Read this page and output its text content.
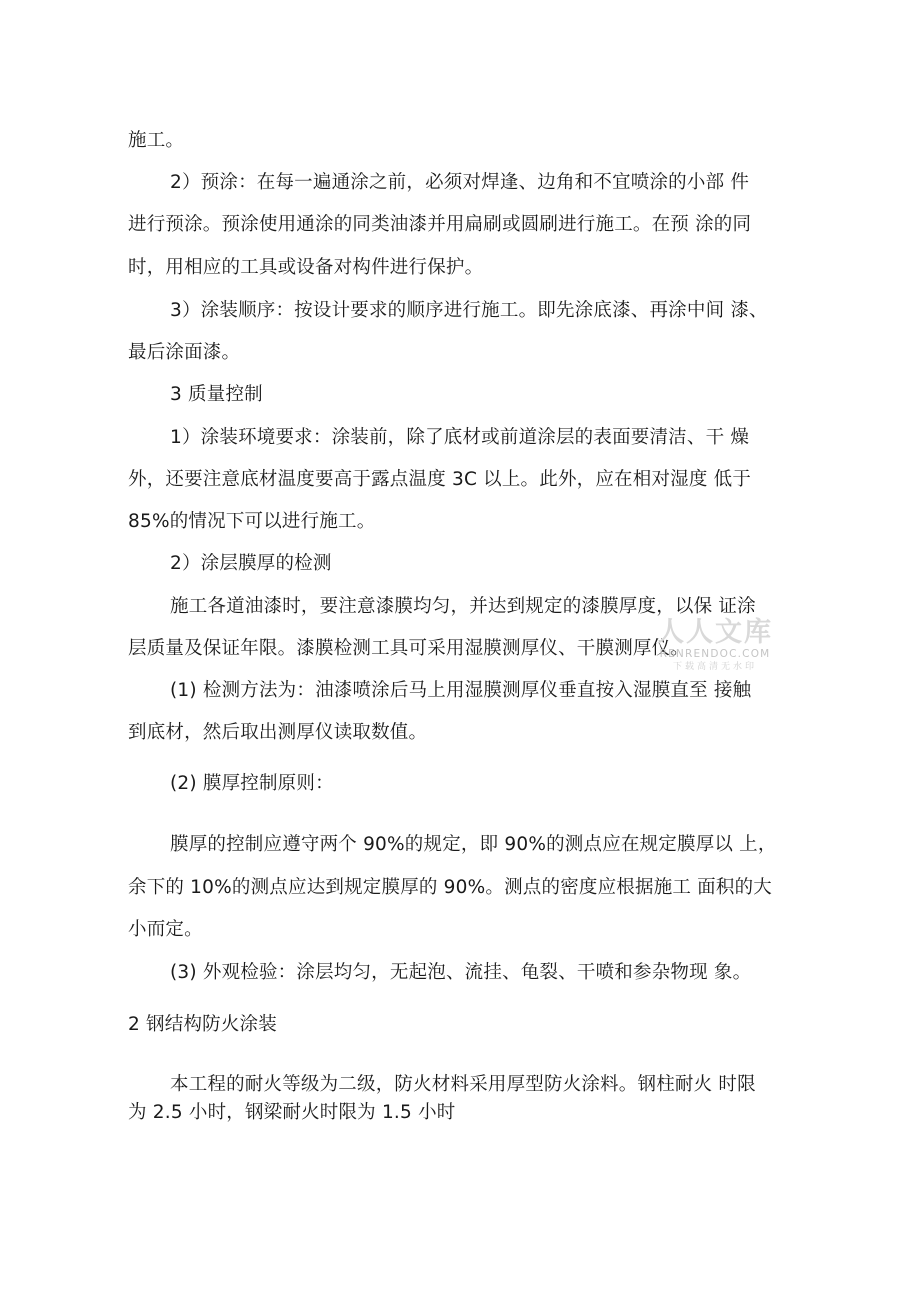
施工。

2）预涂：在每一遍通涂之前，必须对焊逢、边角和不宜喷涂的小部 件

进行预涂。预涂使用通涂的同类油漆并用扁刷或圆刷进行施工。在预 涂的同

时，用相应的工具或设备对构件进行保护。

3）涂装顺序：按设计要求的顺序进行施工。即先涂底漆、再涂中间 漆、

最后涂面漆。

3 质量控制

1）涂装环境要求：涂装前，除了底材或前道涂层的表面要清洁、干 燥

外，还要注意底材温度要高于露点温度 3C 以上。此外，应在相对湿度 低于

85%的情况下可以进行施工。

2）涂层膜厚的检测

施工各道油漆时，要注意漆膜均匀，并达到规定的漆膜厚度，以保 证涂

层质量及保证年限。漆膜检测工具可采用湿膜测厚仪、干膜测厚仪。

(1) 检测方法为：油漆喷涂后马上用湿膜测厚仪垂直按入湿膜直至 接触

到底材，然后取出测厚仪读取数值。

(2) 膜厚控制原则：

膜厚的控制应遵守两个 90%的规定，即 90%的测点应在规定膜厚以 上，

余下的 10%的测点应达到规定膜厚的 90%。测点的密度应根据施工 面积的大

小而定。

(3) 外观检验：涂层均匀，无起泡、流挂、龟裂、干喷和参杂物现 象。

2 钢结构防火涂装

本工程的耐火等级为二级，防火材料采用厚型防火涂料。钢柱耐火 时限

为 2.5 小时，钢梁耐火时限为 1.5 小时

人人文库
RENRENDOC.COM
下载高清无水印
